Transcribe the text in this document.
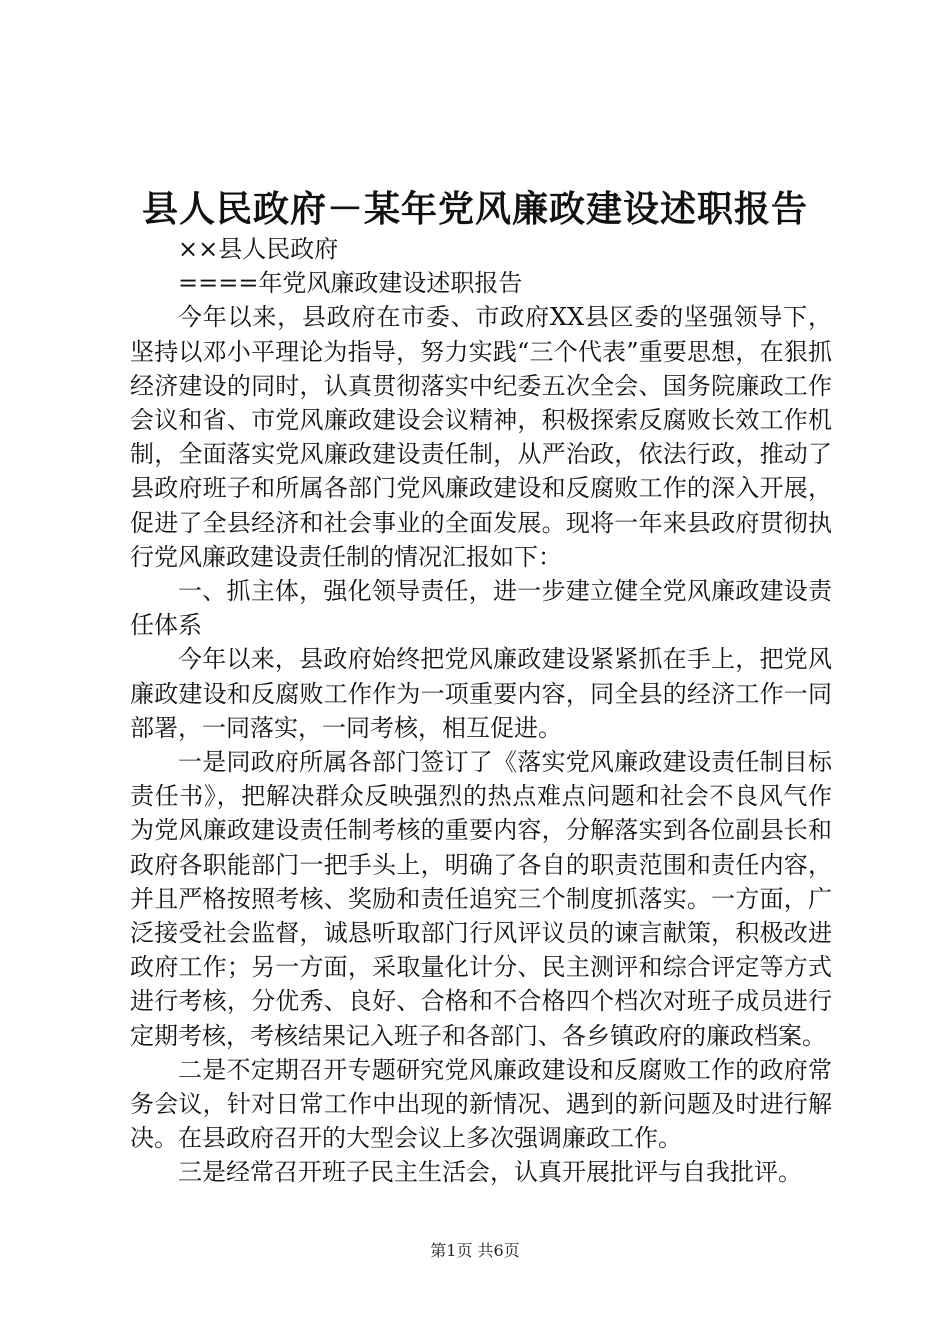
县人民政府－某年党风廉政建设述职报告

××县人民政府

====年党风廉政建设述职报告

今年以来，县政府在市委、市政府XX县区委的坚强领导下，坚持以邓小平理论为指导，努力实践“三个代表”重要思想，在狠抓经济建设的同时，认真贯彻落实中纪委五次全会、国务院廉政工作会议和省、市党风廉政建设会议精神，积极探索反腐败长效工作机制，全面落实党风廉政建设责任制，从严治政，依法行政，推动了县政府班子和所属各部门党风廉政建设和反腐败工作的深入开展，促进了全县经济和社会事业的全面发展。现将一年来县政府贯彻执行党风廉政建设责任制的情况汇报如下：

一、抓主体，强化领导责任，进一步建立健全党风廉政建设责任体系

今年以来，县政府始终把党风廉政建设紧紧抓在手上，把党风廉政建设和反腐败工作作为一项重要内容，同全县的经济工作一同部署，一同落实，一同考核，相互促进。

一是同政府所属各部门签订了《落实党风廉政建设责任制目标责任书》，把解决群众反映强烈的热点难点问题和社会不良风气作为党风廉政建设责任制考核的重要内容，分解落实到各位副县长和政府各职能部门一把手头上，明确了各自的职责范围和责任内容，并且严格按照考核、奖励和责任追究三个制度抓落实。一方面，广泛接受社会监督，诚恳听取部门行风评议员的谏言献策，积极改进政府工作；另一方面，采取量化计分、民主测评和综合评定等方式进行考核，分优秀、良好、合格和不合格四个档次对班子成员进行定期考核，考核结果记入班子和各部门、各乡镇政府的廉政档案。

二是不定期召开专题研究党风廉政建设和反腐败工作的政府常务会议，针对日常工作中出现的新情况、遇到的新问题及时进行解决。在县政府召开的大型会议上多次强调廉政工作。

三是经常召开班子民主生活会，认真开展批评与自我批评。

第1页 共6页
